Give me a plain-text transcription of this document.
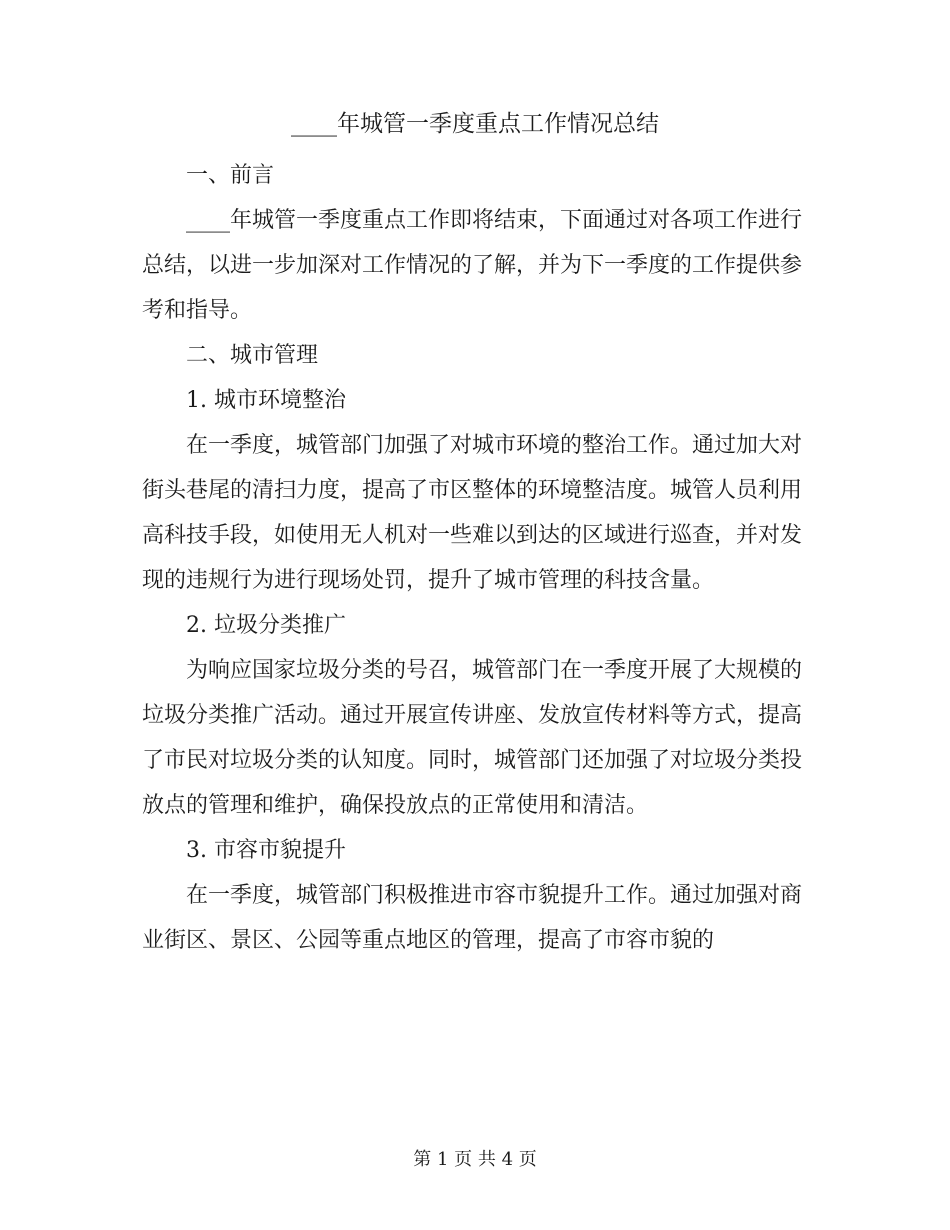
____年城管一季度重点工作情况总结

一、前言

____年城管一季度重点工作即将结束，下面通过对各项工作进行总结，以进一步加深对工作情况的了解，并为下一季度的工作提供参考和指导。

二、城市管理

1. 城市环境整治

在一季度，城管部门加强了对城市环境的整治工作。通过加大对街头巷尾的清扫力度，提高了市区整体的环境整洁度。城管人员利用高科技手段，如使用无人机对一些难以到达的区域进行巡查，并对发现的违规行为进行现场处罚，提升了城市管理的科技含量。

2. 垃圾分类推广

为响应国家垃圾分类的号召，城管部门在一季度开展了大规模的垃圾分类推广活动。通过开展宣传讲座、发放宣传材料等方式，提高了市民对垃圾分类的认知度。同时，城管部门还加强了对垃圾分类投放点的管理和维护，确保投放点的正常使用和清洁。

3. 市容市貌提升

在一季度，城管部门积极推进市容市貌提升工作。通过加强对商业街区、景区、公园等重点地区的管理，提高了市容市貌的

第 1 页 共 4 页
